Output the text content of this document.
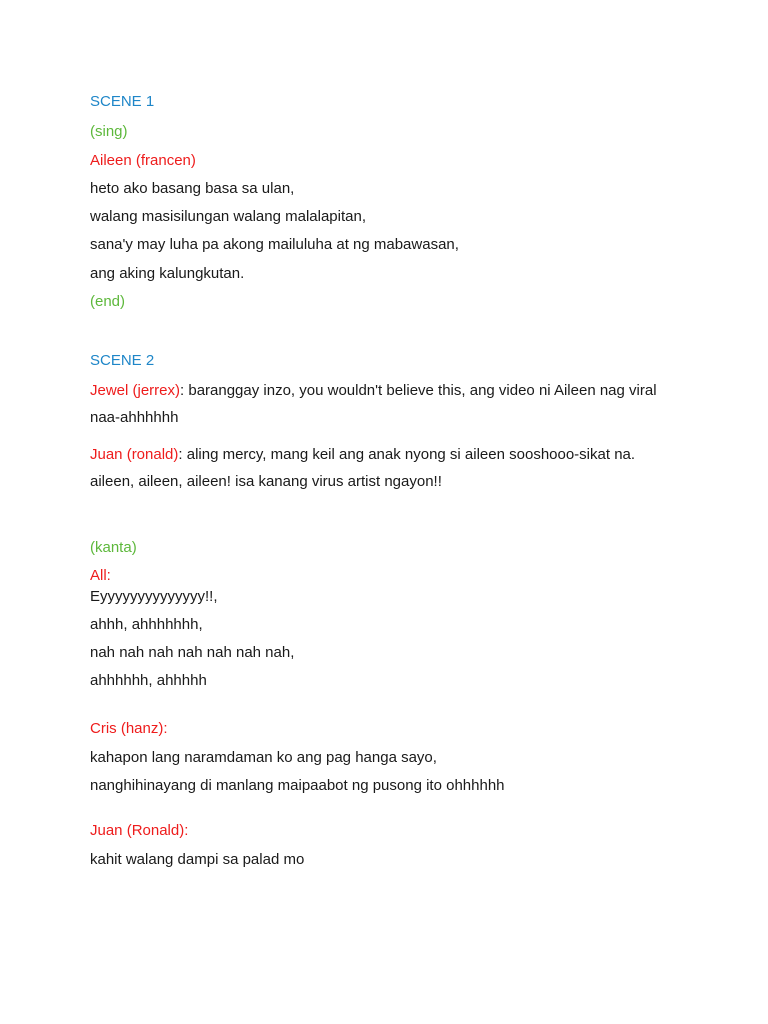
SCENE 1

(sing)

Aileen (francen)

heto ako basang basa sa ulan,

walang masisilungan walang malalapitan,

sana'y may luha pa akong mailuluha at ng mabawasan,

ang aking kalungkutan.

(end)

SCENE 2

Jewel (jerrex): baranggay inzo, you wouldn't believe this, ang video ni Aileen nag viral naa-ahhhhhh

Juan (ronald): aling mercy, mang keil ang anak nyong si aileen sooshooo-sikat na. aileen, aileen, aileen! isa kanang virus artist ngayon!!

(kanta)

All:

Eyyyyyyyyyyyyyy!!,

ahhh, ahhhhhhh,

nah nah nah nah nah nah nah,

ahhhhhh, ahhhhh

Cris (hanz):

kahapon lang naramdaman ko ang pag hanga sayo,

nanghihinayang di manlang maipaabot ng pusong ito ohhhhhh

Juan (Ronald):

kahit walang dampi sa palad mo
